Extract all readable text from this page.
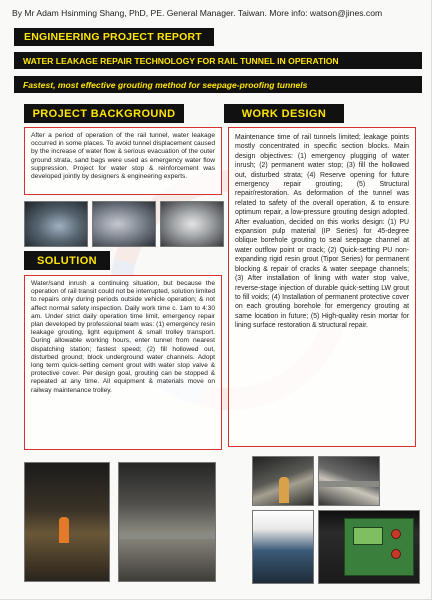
By Mr Adam Hsinming Shang, PhD, PE. General Manager. Taiwan. More info: watson@jines.com
ENGINEERING PROJECT REPORT
WATER LEAKAGE REPAIR TECHNOLOGY FOR RAIL TUNNEL IN OPERATION
Fastest, most effective grouting method for seepage-proofing tunnels
PROJECT BACKGROUND
After a period of operation of the rail tunnel, water leakage occurred in some places. To avoid tunnel displacement caused by the increase of water flow & serious evacuation of the outer ground strata, sand bags were used as emergency water flow suppression. Project for water stop & reinforcement was developed jointly by designers & engineering experts.
SOLUTION
Water/sand inrush a continuing situation, but because the operation of rail transit could not be interrupted, solution limited to repairs only during periods outside vehicle operation; & not affect normal safety inspection. Daily work time c. 1am to 4:30 am. Under strict daily operation time limit, emergency repair plan developed by professional team was: (1) emergency resin leakage grouting, light equipment & small trolley transport. During allowable working hours, enter tunnel from nearest dispatching station; fastest speed; (2) fill hollowed out, disturbed ground; block underground water channels. Adopt long term quick-setting cement grout with water stop valve & protective cover. Per design goal, grouting can be stopped & repeated at any time. All equipment & materials move on railway maintenance trolley.
WORK DESIGN
Maintenance time of rail tunnels limited; leakage points mostly concentrated in specific section blocks. Main design objectives: (1) emergency plugging of water inrush; (2) permanent water stop; (3) fill the hollowed out, disturbed strata; (4) Reserve opening for future emergency repair grouting; (5) Structural repair/restoration. As deformation of the tunnel was related to safety of the overall operation, & to ensure optimum repair, a low-pressure grouting design adopted. After evaluation, decided on this works design: (1) PU expansion pulp material (IP Series) for 45-degree oblique borehole grouting to seal seepage channel at water outflow point or crack; (2) Quick-setting PU non-expanding rigid resin grout (Tipor Series) for permanent blocking & repair of cracks & water seepage channels; (3) After installation of lining with water stop valve, reverse-stage injection of durable quick-setting LW grout to fill voids; (4) Installation of permanent protective cover on each grouting borehole for emergency grouting at same location in future; (5) High-quality resin mortar for lining surface restoration & structural repair.
